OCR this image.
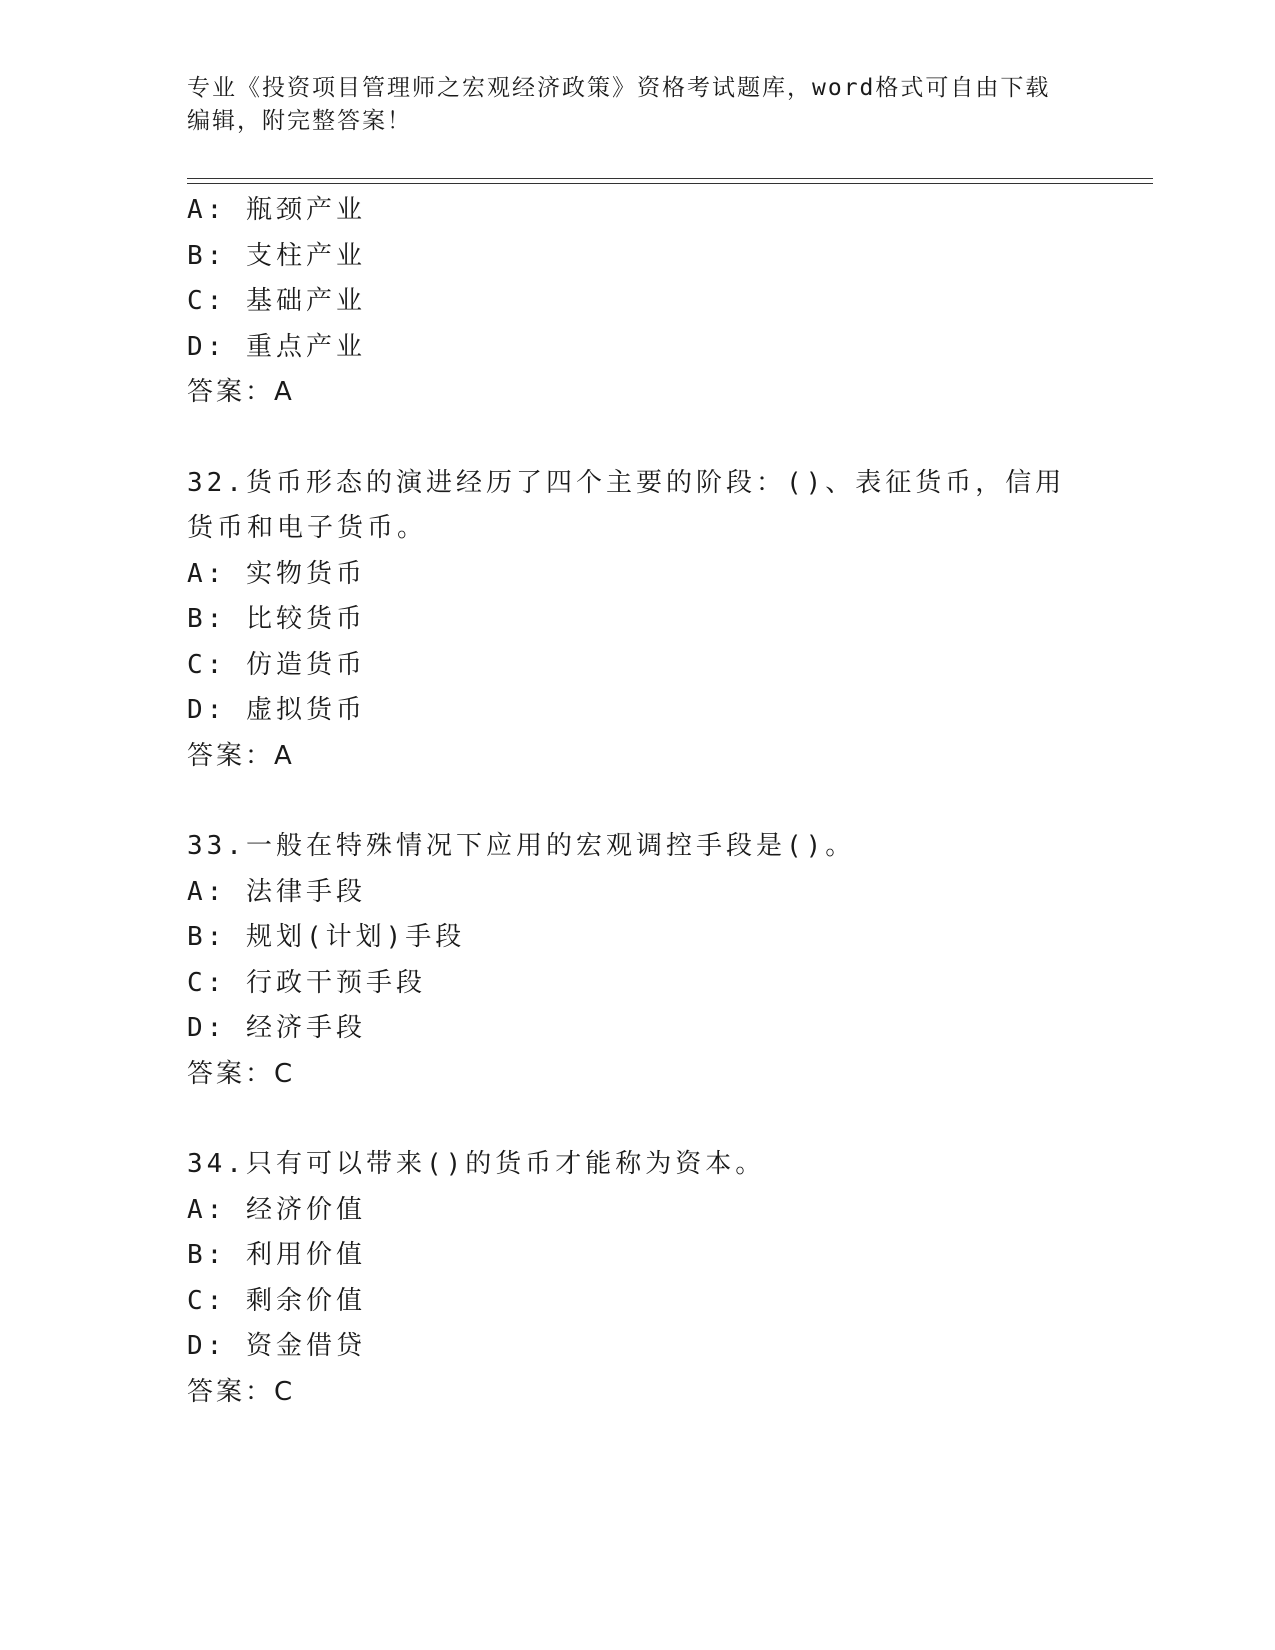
专业《投资项目管理师之宏观经济政策》资格考试题库，word格式可自由下载编辑，附完整答案！
A: 瓶颈产业
B: 支柱产业
C: 基础产业
D: 重点产业
答案：A
32.货币形态的演进经历了四个主要的阶段：()、表征货币，信用货币和电子货币。
A: 实物货币
B: 比较货币
C: 仿造货币
D: 虚拟货币
答案：A
33.一般在特殊情况下应用的宏观调控手段是()。
A: 法律手段
B: 规划(计划)手段
C: 行政干预手段
D: 经济手段
答案：C
34.只有可以带来()的货币才能称为资本。
A: 经济价值
B: 利用价值
C: 剩余价值
D: 资金借贷
答案：C
